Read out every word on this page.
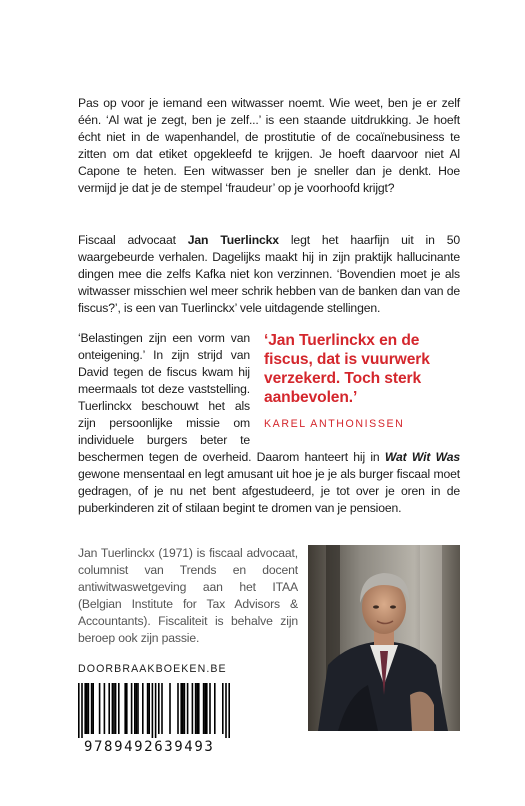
Pas op voor je iemand een witwasser noemt. Wie weet, ben je er zelf één. ‘Al wat je zegt, ben je zelf...’ is een staande uitdrukking. Je hoeft écht niet in de wapenhandel, de prostitutie of de cocaïnebusiness te zitten om dat etiket opgekleefd te krijgen. Je hoeft daarvoor niet Al Capone te heten. Een witwasser ben je sneller dan je denkt. Hoe vermijd je dat je de stempel ‘fraudeur’ op je voorhoofd krijgt?

Fiscaal advocaat Jan Tuerlinckx legt het haarfijn uit in 50 waargebeurde verhalen. Dagelijks maakt hij in zijn praktijk hallucinante dingen mee die zelfs Kafka niet kon verzinnen. ‘Bovendien moet je als witwasser misschien wel meer schrik hebben van de banken dan van de fiscus?’, is een van Tuerlinckx’ vele uitdagende stellingen.

‘Jan Tuerlinckx en de fiscus, dat is vuurwerk verzekerd. Toch sterk aanbevolen.’
KAREL ANTHONISSEN
‘Belastingen zijn een vorm van onteigening.’ In zijn strijd van David tegen de fiscus kwam hij meermaals tot deze vaststelling. Tuerlinckx beschouwt het als zijn persoonlijke missie om individuele burgers beter te beschermen tegen de overheid. Daarom hanteert hij in Wat Wit Was gewone mensentaal en legt amusant uit hoe je je als burger fiscaal moet gedragen, of je nu net bent afgestudeerd, je tot over je oren in de puberkinderen zit of stilaan begint te dromen van je pensioen.

Jan Tuerlinckx (1971) is fiscaal advocaat, columnist van Trends en docent antiwitwaswetgeving aan het ITAA (Belgian Institute for Tax Advisors & Accountants). Fiscaliteit is behalve zijn beroep ook zijn passie.

DOORBRAAKBOEKEN.BE
9789492639493
